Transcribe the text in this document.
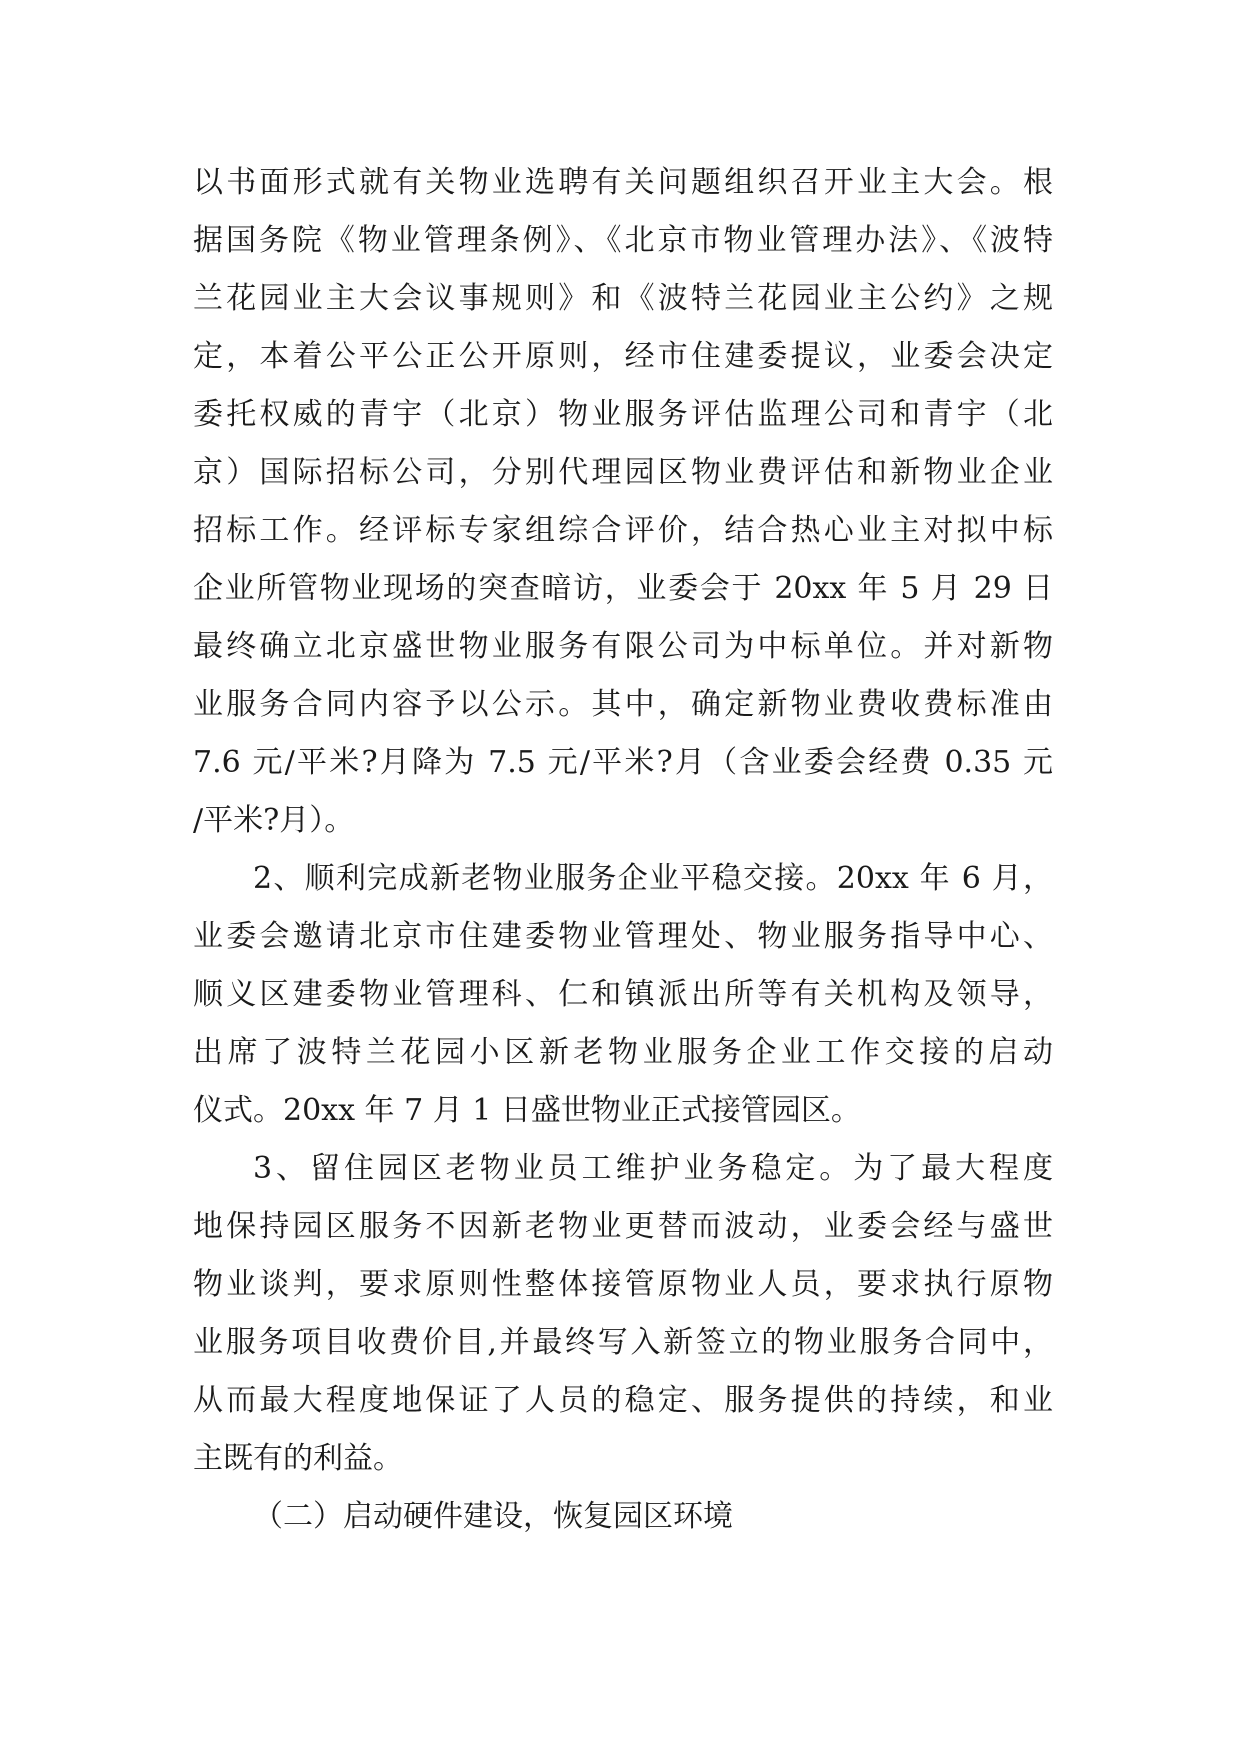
以书面形式就有关物业选聘有关问题组织召开业主大会。根
据国务院《物业管理条例》、《北京市物业管理办法》、《波特
兰花园业主大会议事规则》和《波特兰花园业主公约》之规
定，本着公平公正公开原则，经市住建委提议，业委会决定
委托权威的青宇（北京）物业服务评估监理公司和青宇（北
京）国际招标公司，分别代理园区物业费评估和新物业企业
招标工作。经评标专家组综合评价，结合热心业主对拟中标
企业所管物业现场的突查暗访，业委会于 20xx 年 5 月 29 日
最终确立北京盛世物业服务有限公司为中标单位。并对新物
业服务合同内容予以公示。其中，确定新物业费收费标准由
7.6 元/平米?月降为 7.5 元/平米?月（含业委会经费 0.35 元
/平米?月）。
2、顺利完成新老物业服务企业平稳交接。20xx 年 6 月，
业委会邀请北京市住建委物业管理处、物业服务指导中心、
顺义区建委物业管理科、仁和镇派出所等有关机构及领导，
出席了波特兰花园小区新老物业服务企业工作交接的启动
仪式。20xx 年 7 月 1 日盛世物业正式接管园区。
3、留住园区老物业员工维护业务稳定。为了最大程度
地保持园区服务不因新老物业更替而波动，业委会经与盛世
物业谈判，要求原则性整体接管原物业人员，要求执行原物
业服务项目收费价目,并最终写入新签立的物业服务合同中，
从而最大程度地保证了人员的稳定、服务提供的持续，和业
主既有的利益。
（二）启动硬件建设，恢复园区环境
